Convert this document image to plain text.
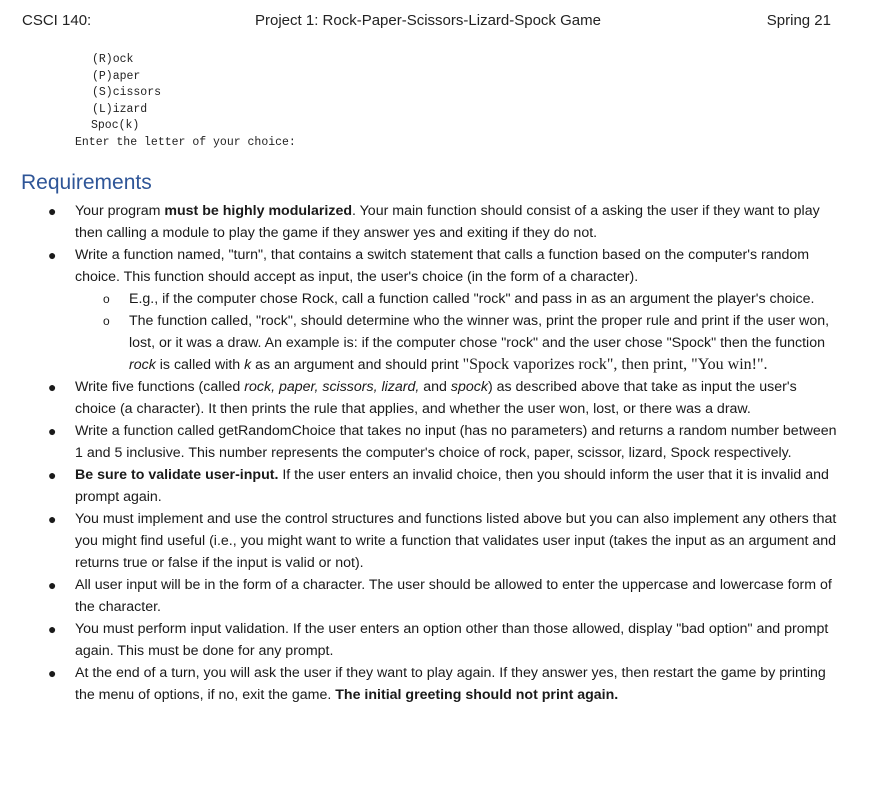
CSCI 140:	Project 1: Rock-Paper-Scissors-Lizard-Spock Game	Spring 21
(R)ock
(P)aper
(S)cissors
(L)izard
Spoc(k)
Enter the letter of your choice:
Requirements
● Your program must be highly modularized. Your main function should consist of a asking the user if they want to play then calling a module to play the game if they answer yes and exiting if they do not.
● Write a function named, "turn", that contains a switch statement that calls a function based on the computer's random choice. This function should accept as input, the user's choice (in the form of a character).
o E.g., if the computer chose Rock, call a function called "rock" and pass in as an argument the player's choice.
o The function called, "rock", should determine who the winner was, print the proper rule and print if the user won, lost, or it was a draw. An example is: if the computer chose "rock" and the user chose "Spock" then the function rock is called with k as an argument and should print "Spock vaporizes rock", then print, "You win!".
● Write five functions (called rock, paper, scissors, lizard, and spock) as described above that take as input the user's choice (a character). It then prints the rule that applies, and whether the user won, lost, or there was a draw.
● Write a function called getRandomChoice that takes no input (has no parameters) and returns a random number between 1 and 5 inclusive. This number represents the computer's choice of rock, paper, scissor, lizard, Spock respectively.
● Be sure to validate user-input. If the user enters an invalid choice, then you should inform the user that it is invalid and prompt again.
● You must implement and use the control structures and functions listed above but you can also implement any others that you might find useful (i.e., you might want to write a function that validates user input (takes the input as an argument and returns true or false if the input is valid or not).
● All user input will be in the form of a character. The user should be allowed to enter the uppercase and lowercase form of the character.
● You must perform input validation. If the user enters an option other than those allowed, display "bad option" and prompt again. This must be done for any prompt.
● At the end of a turn, you will ask the user if they want to play again. If they answer yes, then restart the game by printing the menu of options, if no, exit the game. The initial greeting should not print again.
